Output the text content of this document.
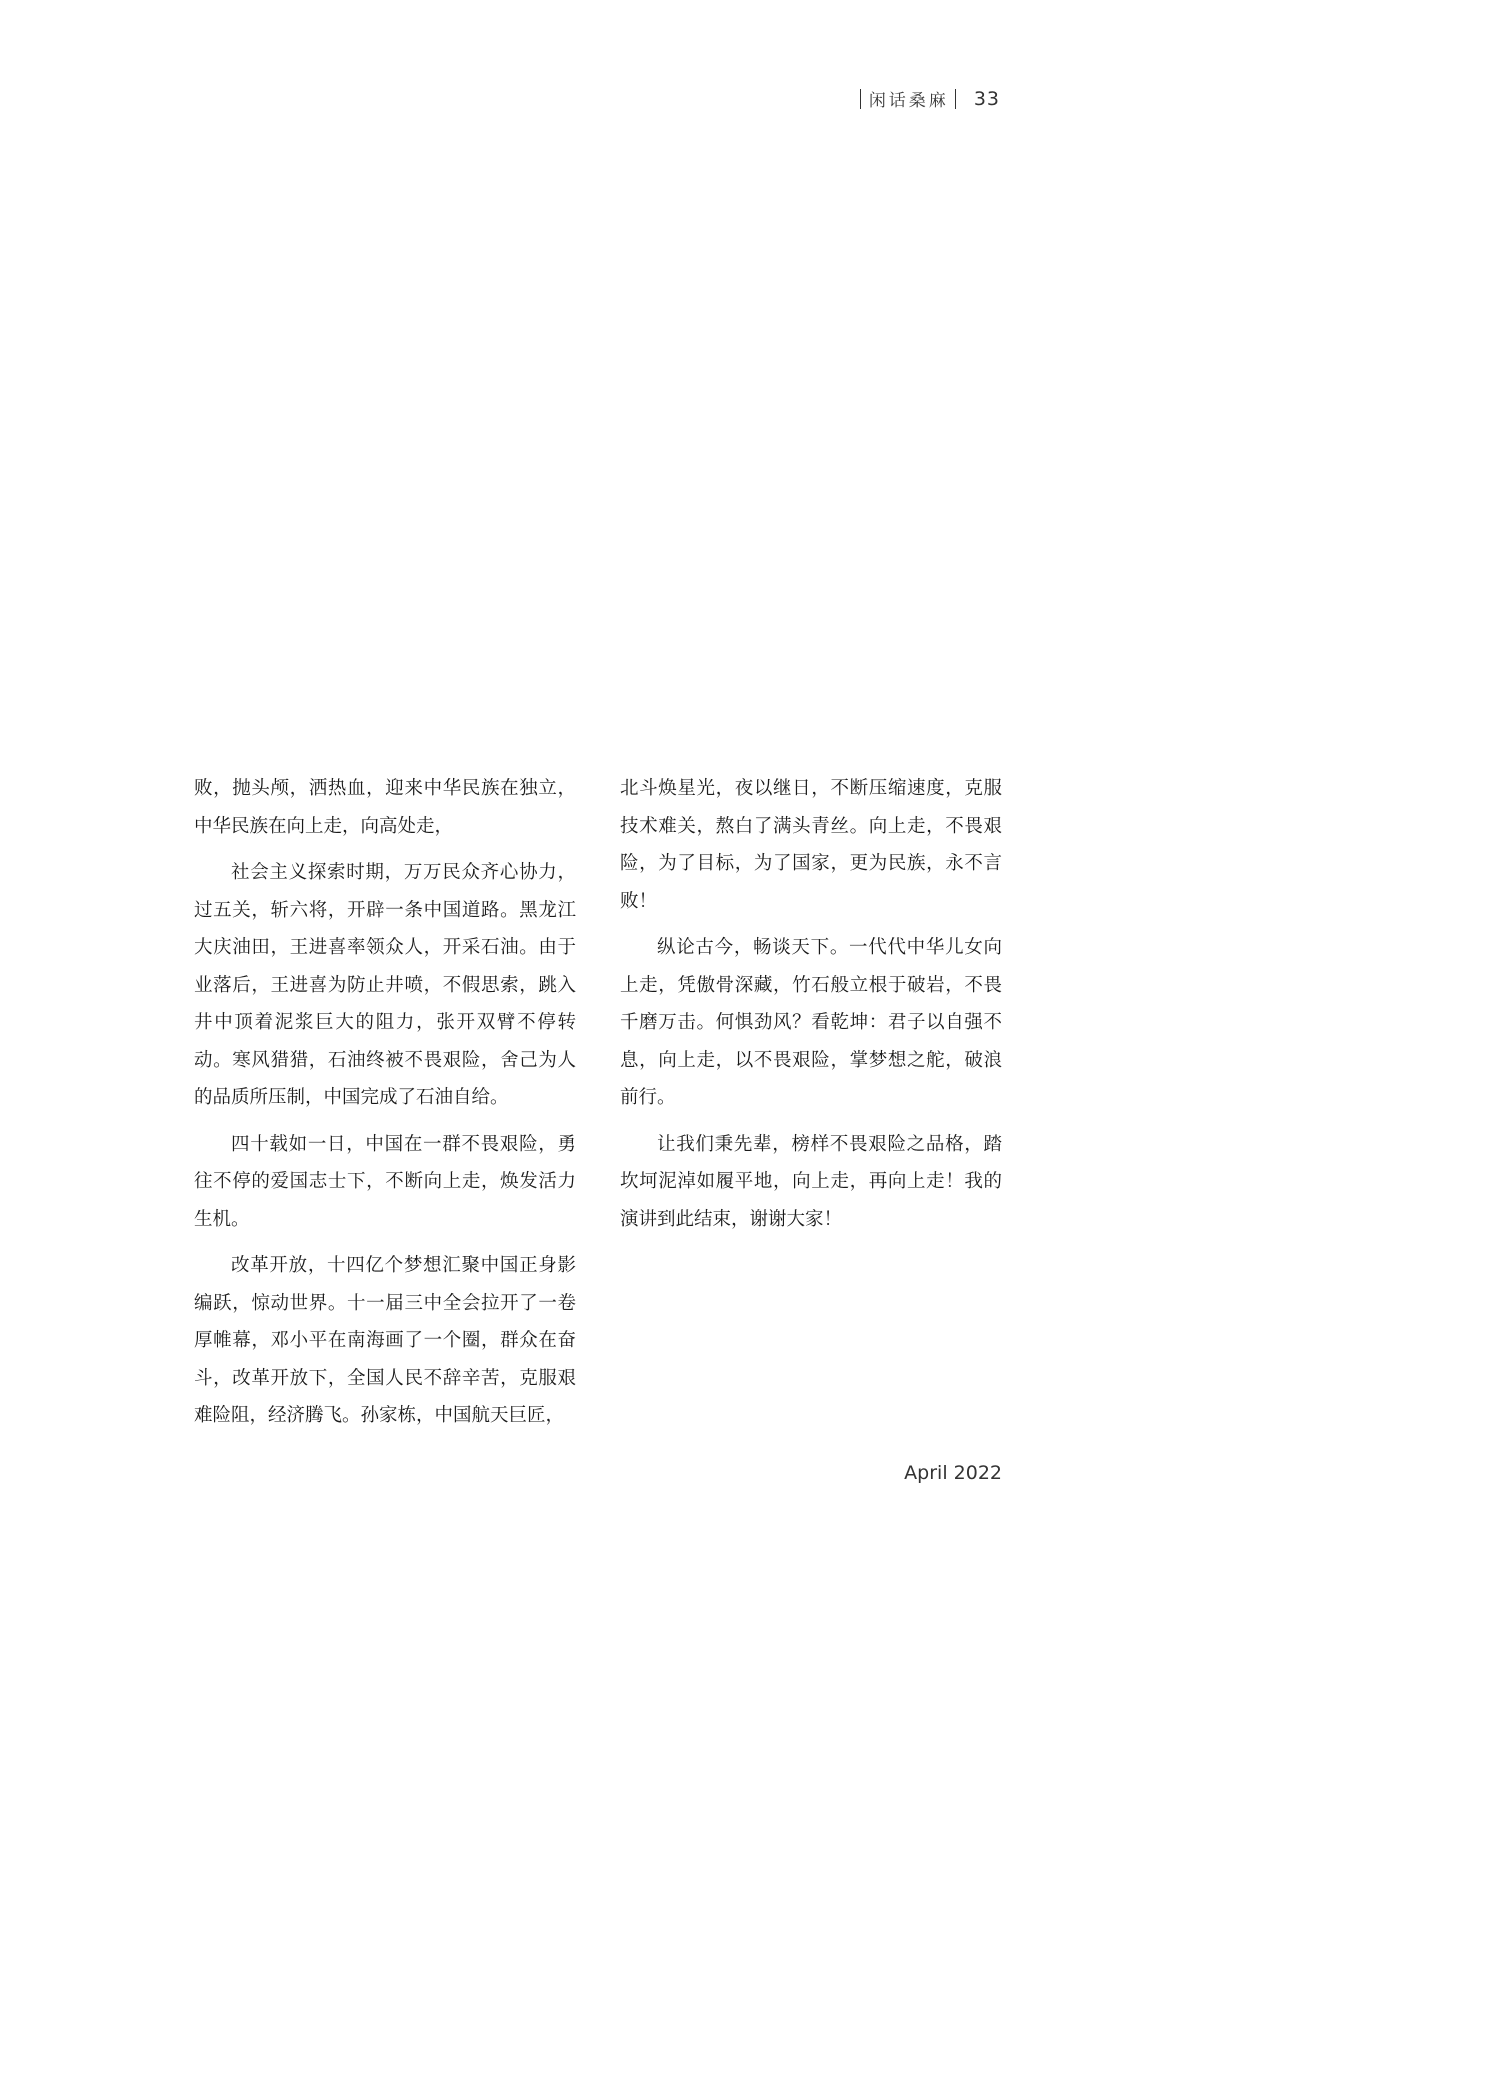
闲话桑麻 33

败，抛头颅，洒热血，迎来中华民族在独立，中华民族在向上走，向高处走，

社会主义探索时期，万万民众齐心协力，过五关，斩六将，开辟一条中国道路。黑龙江大庆油田，王进喜率领众人，开采石油。由于业落后，王进喜为防止井喷，不假思索，跳入井中顶着泥浆巨大的阻力，张开双臂不停转动。寒风猎猎，石油终被不畏艰险，舍己为人的品质所压制，中国完成了石油自给。

四十载如一日，中国在一群不畏艰险，勇往不停的爱国志士下，不断向上走，焕发活力生机。

改革开放，十四亿个梦想汇聚中国正身影编跃，惊动世界。十一届三中全会拉开了一卷厚帷幕，邓小平在南海画了一个圈，群众在奋斗，改革开放下，全国人民不辞辛苦，克服艰难险阻，经济腾飞。孙家栋，中国航天巨匠，

北斗焕星光，夜以继日，不断压缩速度，克服技术难关，熬白了满头青丝。向上走，不畏艰险，为了目标，为了国家，更为民族，永不言败！

纵论古今，畅谈天下。一代代中华儿女向上走，凭傲骨深藏，竹石般立根于破岩，不畏千磨万击。何惧劲风？看乾坤：君子以自强不息，向上走，以不畏艰险，掌梦想之舵，破浪前行。

让我们秉先辈，榜样不畏艰险之品格，踏坎坷泥淖如履平地，向上走，再向上走！我的演讲到此结束，谢谢大家！

April 2022
